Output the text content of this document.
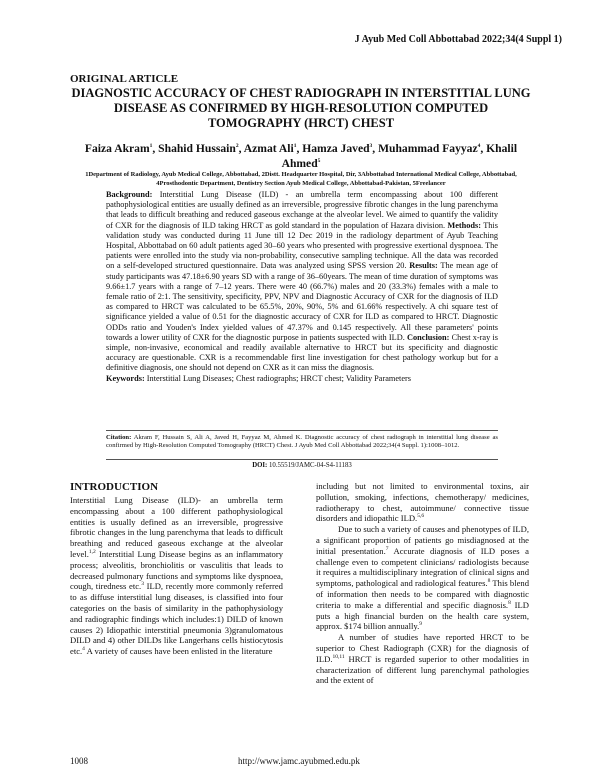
J Ayub Med Coll Abbottabad 2022;34(4 Suppl 1)
ORIGINAL ARTICLE
DIAGNOSTIC ACCURACY OF CHEST RADIOGRAPH IN INTERSTITIAL LUNG DISEASE AS CONFIRMED BY HIGH-RESOLUTION COMPUTED TOMOGRAPHY (HRCT) CHEST
Faiza Akram$^1$, Shahid Hussain$^2$, Azmat Ali$^1$, Hamza Javed$^3$, Muhammad Fayyaz$^4$, Khalil Ahmed$^5$
1Department of Radiology, Ayub Medical College, Abbottabad, 2Distt. Headquarter Hospital, Dir, 3Abbottabad International Medical College, Abbottabad, 4Prosthodontic Department, Dentistry Section Ayub Medical College, Abbottabad-Pakistan, 5Freelancer

Background: Interstitial Lung Disease (ILD) - an umbrella term encompassing about 100 different pathophysiological entities are usually defined as an irreversible, progressive fibrotic changes in the lung parenchyma that leads to difficult breathing and reduced gaseous exchange at the alveolar level. We aimed to quantify the validity of CXR for the diagnosis of ILD taking HRCT as gold standard in the population of Hazara division. Methods: This validation study was conducted during 11 June till 12 Dec 2019 in the radiology department of Ayub Teaching Hospital, Abbottabad on 60 adult patients aged 30–60 years who presented with progressive exertional dyspnoea. The patients were enrolled into the study via non-probability, consecutive sampling technique. All the data was recorded on a self-developed structured questionnaire. Data was analyzed using SPSS version 20. Results: The mean age of study participants was 47.18±6.90 years SD with a range of 36–60years. The mean of time duration of symptoms was 9.66±1.7 years with a range of 7–12 years. There were 40 (66.7%) males and 20 (33.3%) females with a male to female ratio of 2:1. The sensitivity, specificity, PPV, NPV and Diagnostic Accuracy of CXR for the diagnosis of ILD as compared to HRCT was calculated to be 65.5%, 20%, 90%, 5% and 61.66% respectively. A chi square test of significance yielded a value of 0.51 for the diagnostic accuracy of CXR for ILD as compared to HRCT. Diagnostic ODDs ratio and Youden's Index yielded values of 47.37% and 0.145 respectively. All these parameters' points towards a lower utility of CXR for the diagnostic purpose in patients suspected with ILD. Conclusion: Chest x-ray is simple, non-invasive, economical and readily available alternative to HRCT but its specificity and diagnostic accuracy are questionable. CXR is a recommendable first line investigation for chest pathology workup but for a definitive diagnosis, one should not depend on CXR as it can miss the diagnosis.

Keywords: Interstitial Lung Diseases; Chest radiographs; HRCT chest; Validity Parameters

Citation: Akram F, Hussain S, Ali A, Javed H, Fayyaz M, Ahmed K. Diagnostic accuracy of chest radiograph in interstitial lung disease as confirmed by High-Resolution Computed Tomography (HRCT) Chest. J Ayub Med Coll Abbottabad 2022;34(4 Suppl. 1):1008–1012.
DOI: 10.55519/JAMC-04-S4-11183
INTRODUCTION

Interstitial Lung Disease (ILD)- an umbrella term encompassing about a 100 different pathophysiological entities is usually defined as an irreversible, progressive fibrotic changes in the lung parenchyma that leads to difficult breathing and reduced gaseous exchange at the alveolar level.$^{1,2}$ Interstitial Lung Disease begins as an inflammatory process; alveolitis, bronchiolitis or vasculitis that leads to decreased pulmonary functions and symptoms like dyspnoea, cough, tiredness etc.$^3$ ILD, recently more commonly referred to as diffuse interstitial lung diseases, is classified into four categories on the basis of similarity in the pathophysiology and radiographic findings which includes:1) DILD of known causes 2) Idiopathic interstitial pneumonia 3)granulomatous DILD and 4) other DILDs like Langerhans cells histiocytosis etc.$^4$ A variety of causes have been enlisted in the literature

including but not limited to environmental toxins, air pollution, smoking, infections, chemotherapy/ medicines, radiotherapy to chest, autoimmune/ connective tissue disorders and idiopathic ILD.$^{5,6}$

Due to such a variety of causes and phenotypes of ILD, a significant proportion of patients go misdiagnosed at the initial presentation.$^7$ Accurate diagnosis of ILD poses a challenge even to competent clinicians/ radiologists because it requires a multidisciplinary integration of clinical signs and symptoms, pathological and radiological features.$^8$ This blend of information then needs to be compared with diagnostic criteria to make a differential and specific diagnosis.$^8$ ILD puts a high financial burden on the health care system, approx. $174 billion annually.$^9$

A number of studies have reported HRCT to be superior to Chest Radiograph (CXR) for the diagnosis of ILD.$^{10,11}$ HRCT is regarded superior to other modalities in characterization of different lung parenchymal pathologies and the extent of

1008	http://www.jamc.ayubmed.edu.pk
